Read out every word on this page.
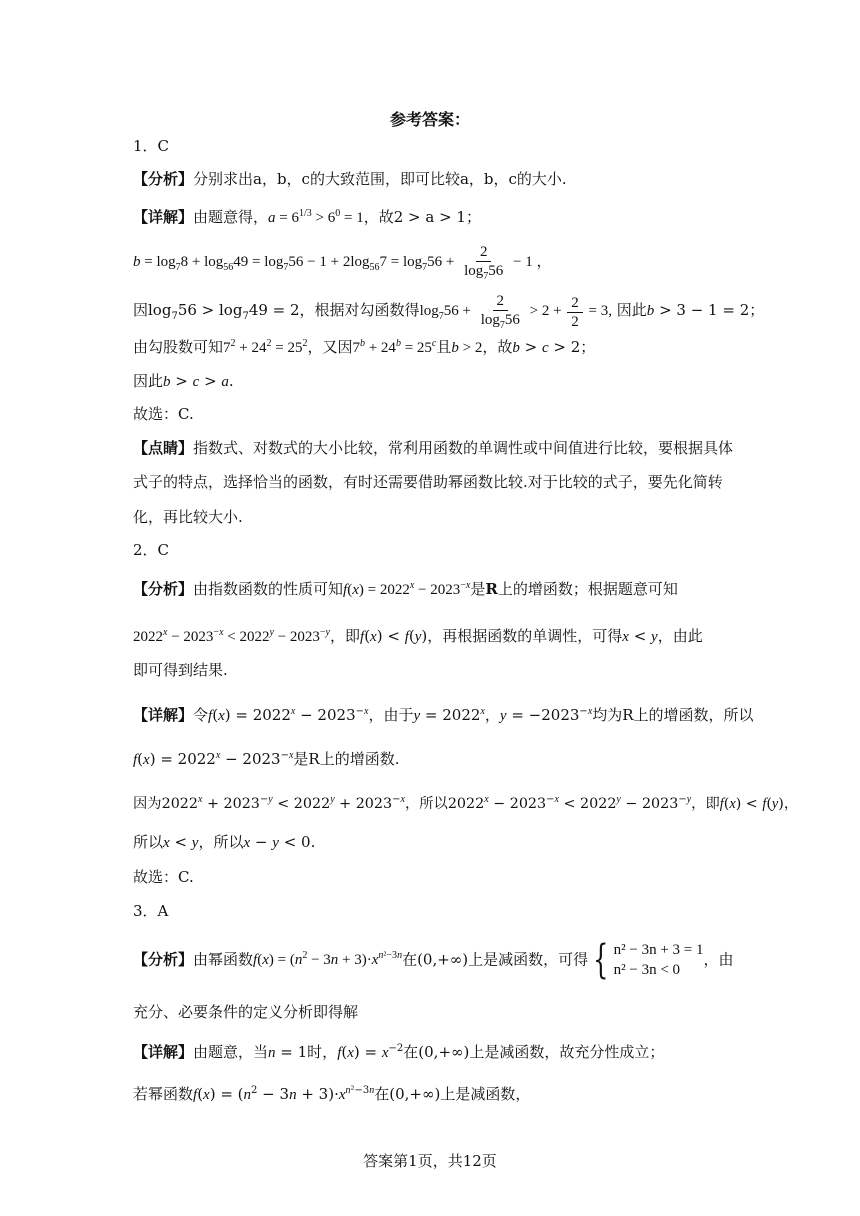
参考答案：
1．C
【分析】分别求出a，b，c的大致范围，即可比较a，b，c的大小.
【详解】由题意得，$a = 6^{1/3} > 6^0 = 1$，故2 > a > 1；
$b = \log_78 + \log_{56}49 = \log_756 - 1 + 2\log_{56}7 = \log_756 + \frac{2}{\log_756} - 1$ ，
因$\log_756 > \log_749 = 2$，根据对勾函数得$\log_756 + \frac{2}{\log_756} > 2 + \frac{2}{2} = 3$, 因此b > 3 − 1 = 2；
由勾股数可知$7^2 + 24^2 = 25^2$，又因$7^b + 24^b = 25^c$且b > 2，故b > c > 2；
因此b > c > a.
故选：C.
【点睛】指数式、对数式的大小比较，常利用函数的单调性或中间值进行比较，要根据具体
式子的特点，选择恰当的函数，有时还需要借助幂函数比较.对于比较的式子，要先化简转
化，再比较大小.
2．C
【分析】由指数函数的性质可知$f(x) = 2022^x - 2023^{-x}$是R上的增函数；根据题意可知
$2022^x - 2023^{-x} < 2022^y - 2023^{-y}$，即f(x) < f(y)，再根据函数的单调性，可得x < y，由此
即可得到结果.
【详解】令$f(x) = 2022^x - 2023^{-x}$，由于$y = 2022^x$，$y = -2023^{-x}$均为R上的增函数，所以
$f(x) = 2022^x - 2023^{-x}$是R上的增函数.
因为$2022^x + 2023^{-y} < 2022^y + 2023^{-x}$，所以$2022^x - 2023^{-x} < 2022^y - 2023^{-y}$，即f(x) < f(y)，
所以x < y，所以x − y < 0.
故选：C.
3．A
【分析】由幂函数$f(x) = (n^2 - 3n + 3)\cdot x^{n^2-3n}$在(0,+∞)上是减函数，可得 { n² − 3n + 3 = 1
n² − 3n < 0
，由
充分、必要条件的定义分析即得解
【详解】由题意，当n = 1时，$f(x) = x^{-2}$在(0,+∞)上是减函数，故充分性成立；
若幂函数$f(x) = (n^2 - 3n + 3)\cdot x^{n^2-3n}$在(0,+∞)上是减函数，
答案第1页，共12页
